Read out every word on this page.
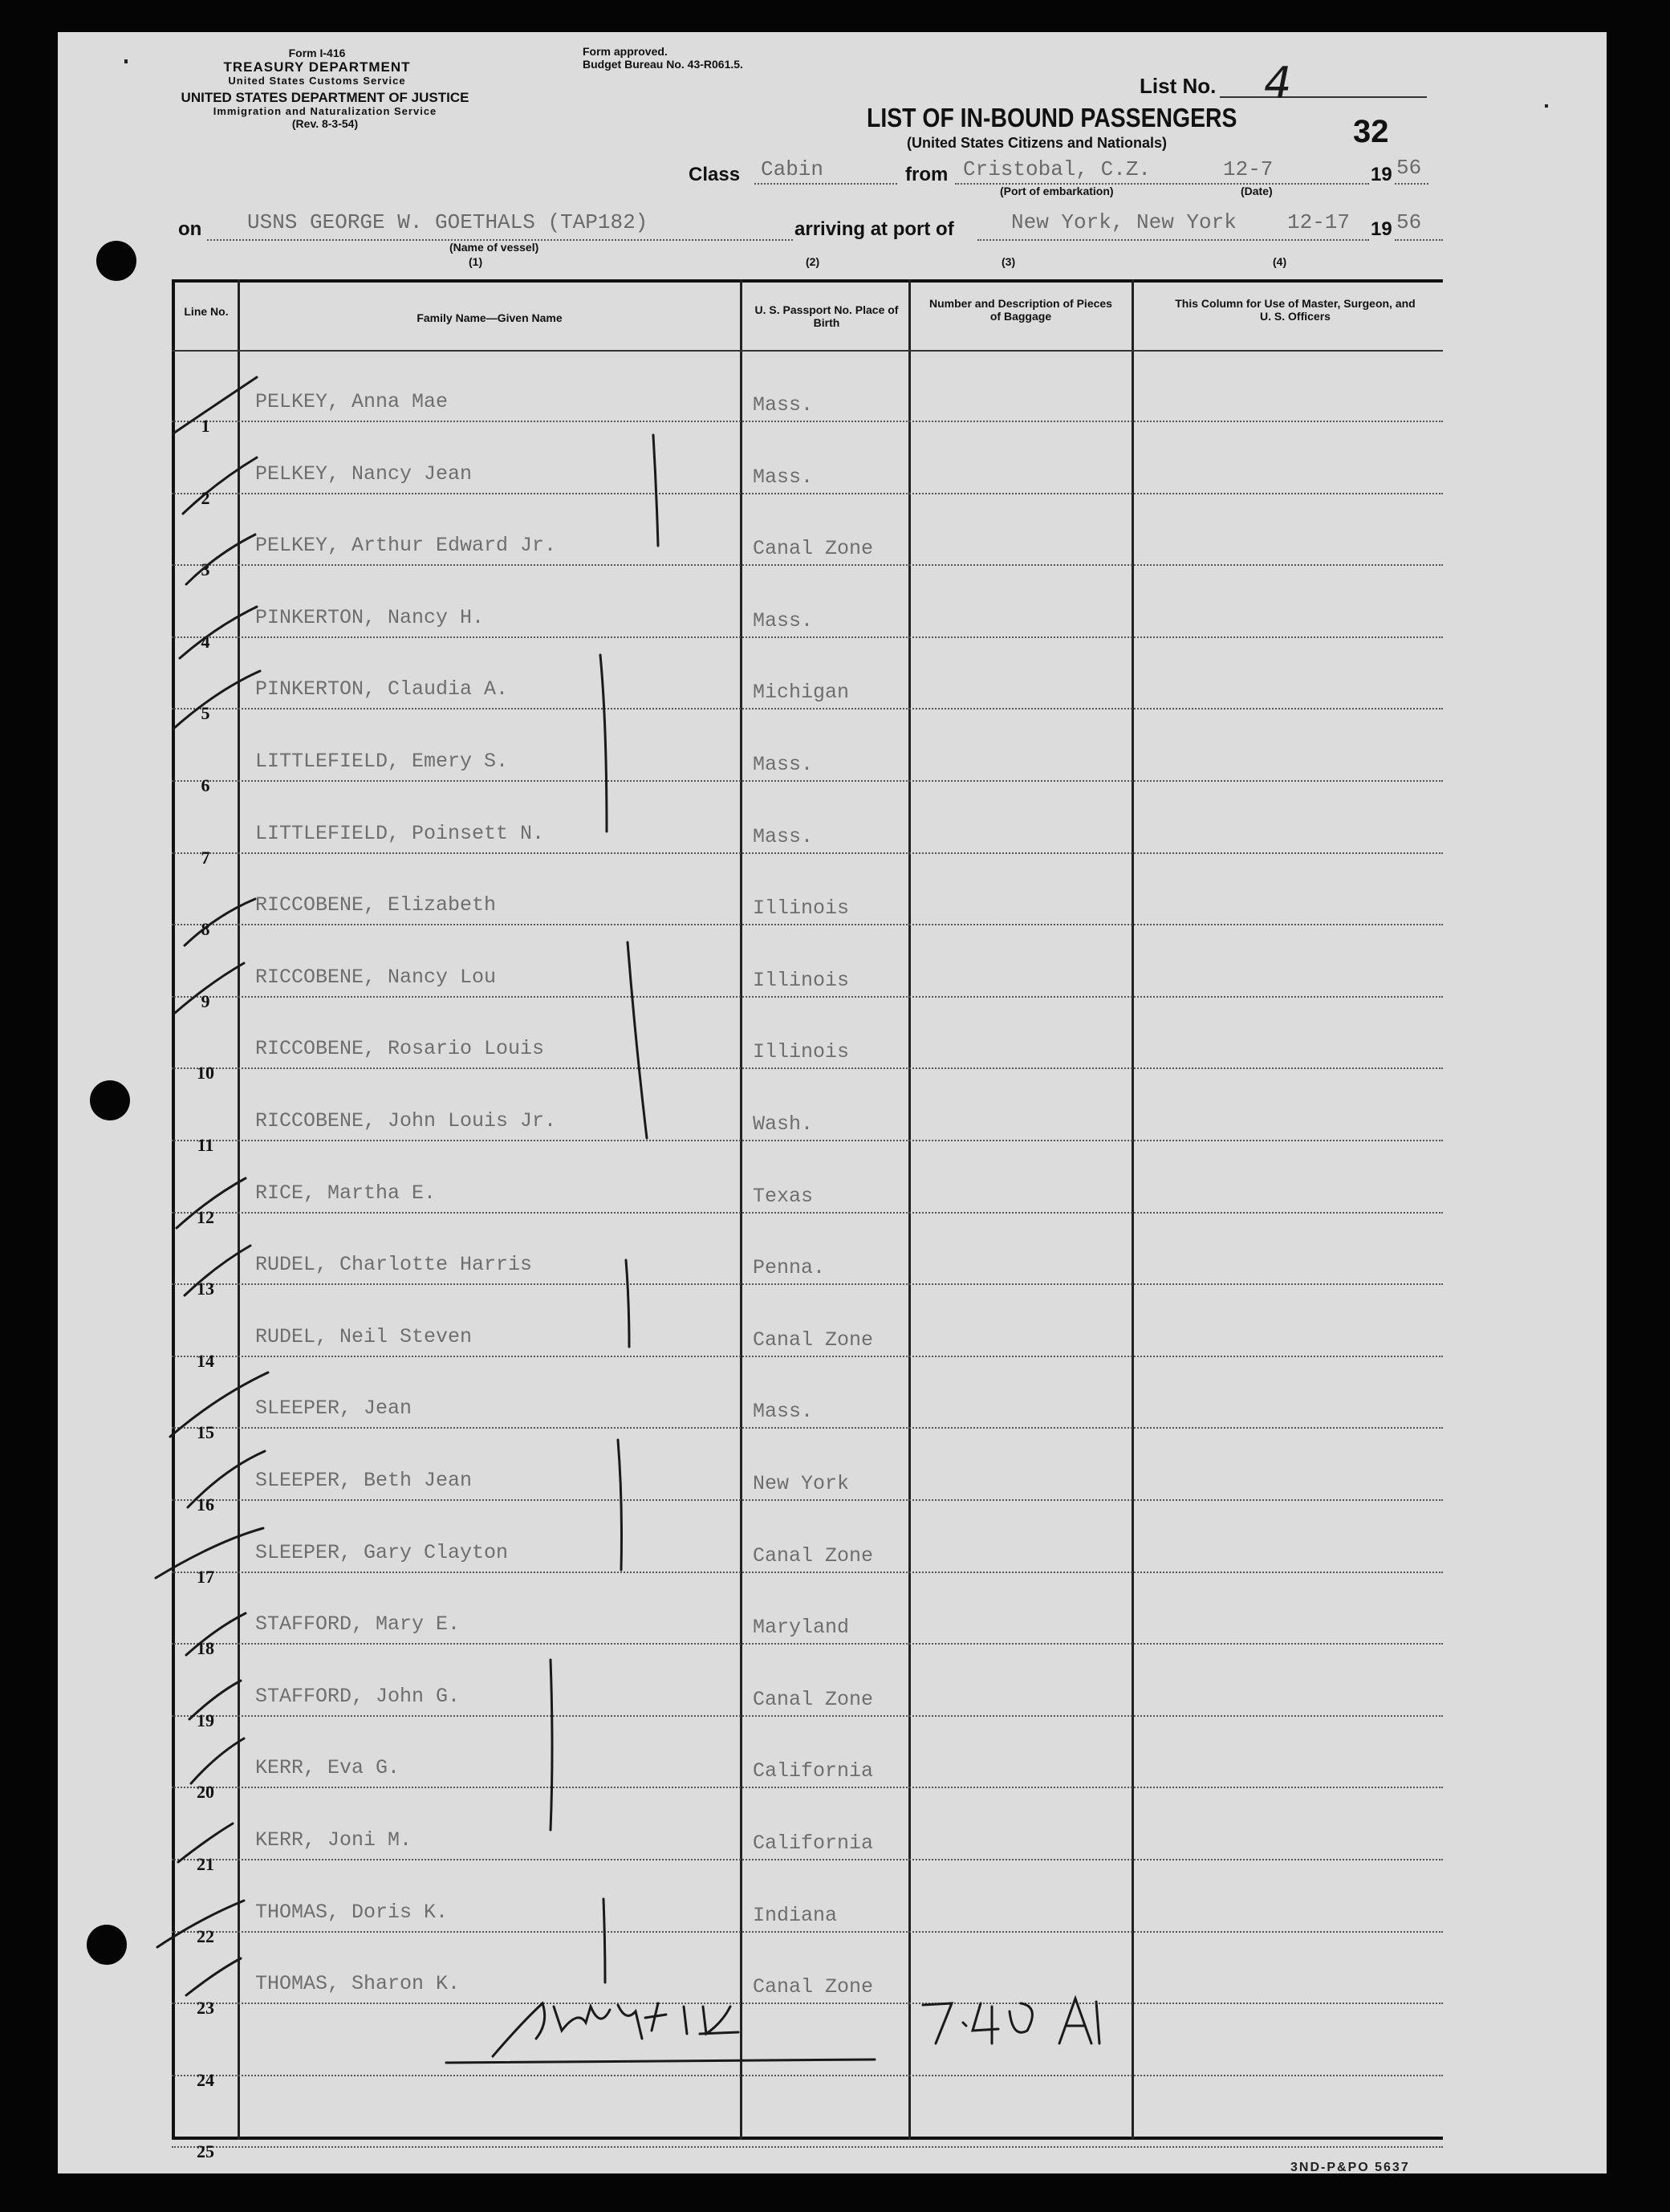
Form I-416
TREASURY DEPARTMENT
United States Customs Service
UNITED STATES DEPARTMENT OF JUSTICE
Immigration and Naturalization Service
(Rev. 8-3-54)
Form approved.
Budget Bureau No. 43-R061.5.
List No. 4
LIST OF IN-BOUND PASSENGERS
(United States Citizens and Nationals)	32
Class Cabin	from Cristobal, C.Z.	12-7
(Port of embarkation)	(Date)
19 56
on USNS GEORGE W. GOETHALS (TAP182)
(Name of vessel)
arriving at port of	New York, New York 12-17 19 56
(1)	(2)	(3)	(4)
Line No.	Family Name—Given Name
U. S. Passport No. Place of Birth
Number and Description of Pieces of Baggage
This Column for Use of Master, Surgeon, and U. S. Officers
1
PELKEY, Anna Mae	Mass.
2
PELKEY, Nancy Jean	Mass.
3
PELKEY, Arthur Edward Jr.	Canal Zone
4
PINKERTON, Nancy H.	Mass.
5
PINKERTON, Claudia A.	Michigan
6
LITTLEFIELD, Emery S.	Mass.
7
LITTLEFIELD, Poinsett N.	Mass.
8
RICCOBENE, Elizabeth	Illinois
9
RICCOBENE, Nancy Lou	Illinois
10
RICCOBENE, Rosario Louis	Illinois
11
RICCOBENE, John Louis Jr.	Wash.
12
RICE, Martha E.	Texas
13
RUDEL, Charlotte Harris	Penna.
14
RUDEL, Neil Steven	Canal Zone
15
SLEEPER, Jean	Mass.
16
SLEEPER, Beth Jean	New York
17
SLEEPER, Gary Clayton	Canal Zone
18
STAFFORD, Mary E.	Maryland
19
STAFFORD, John G.	Canal Zone
20
KERR, Eva G.	California
21
KERR, Joni M.	California
22
THOMAS, Doris K.	Indiana
23
THOMAS, Sharon K.	Canal Zone
24
25
3ND-P&PO 5637
